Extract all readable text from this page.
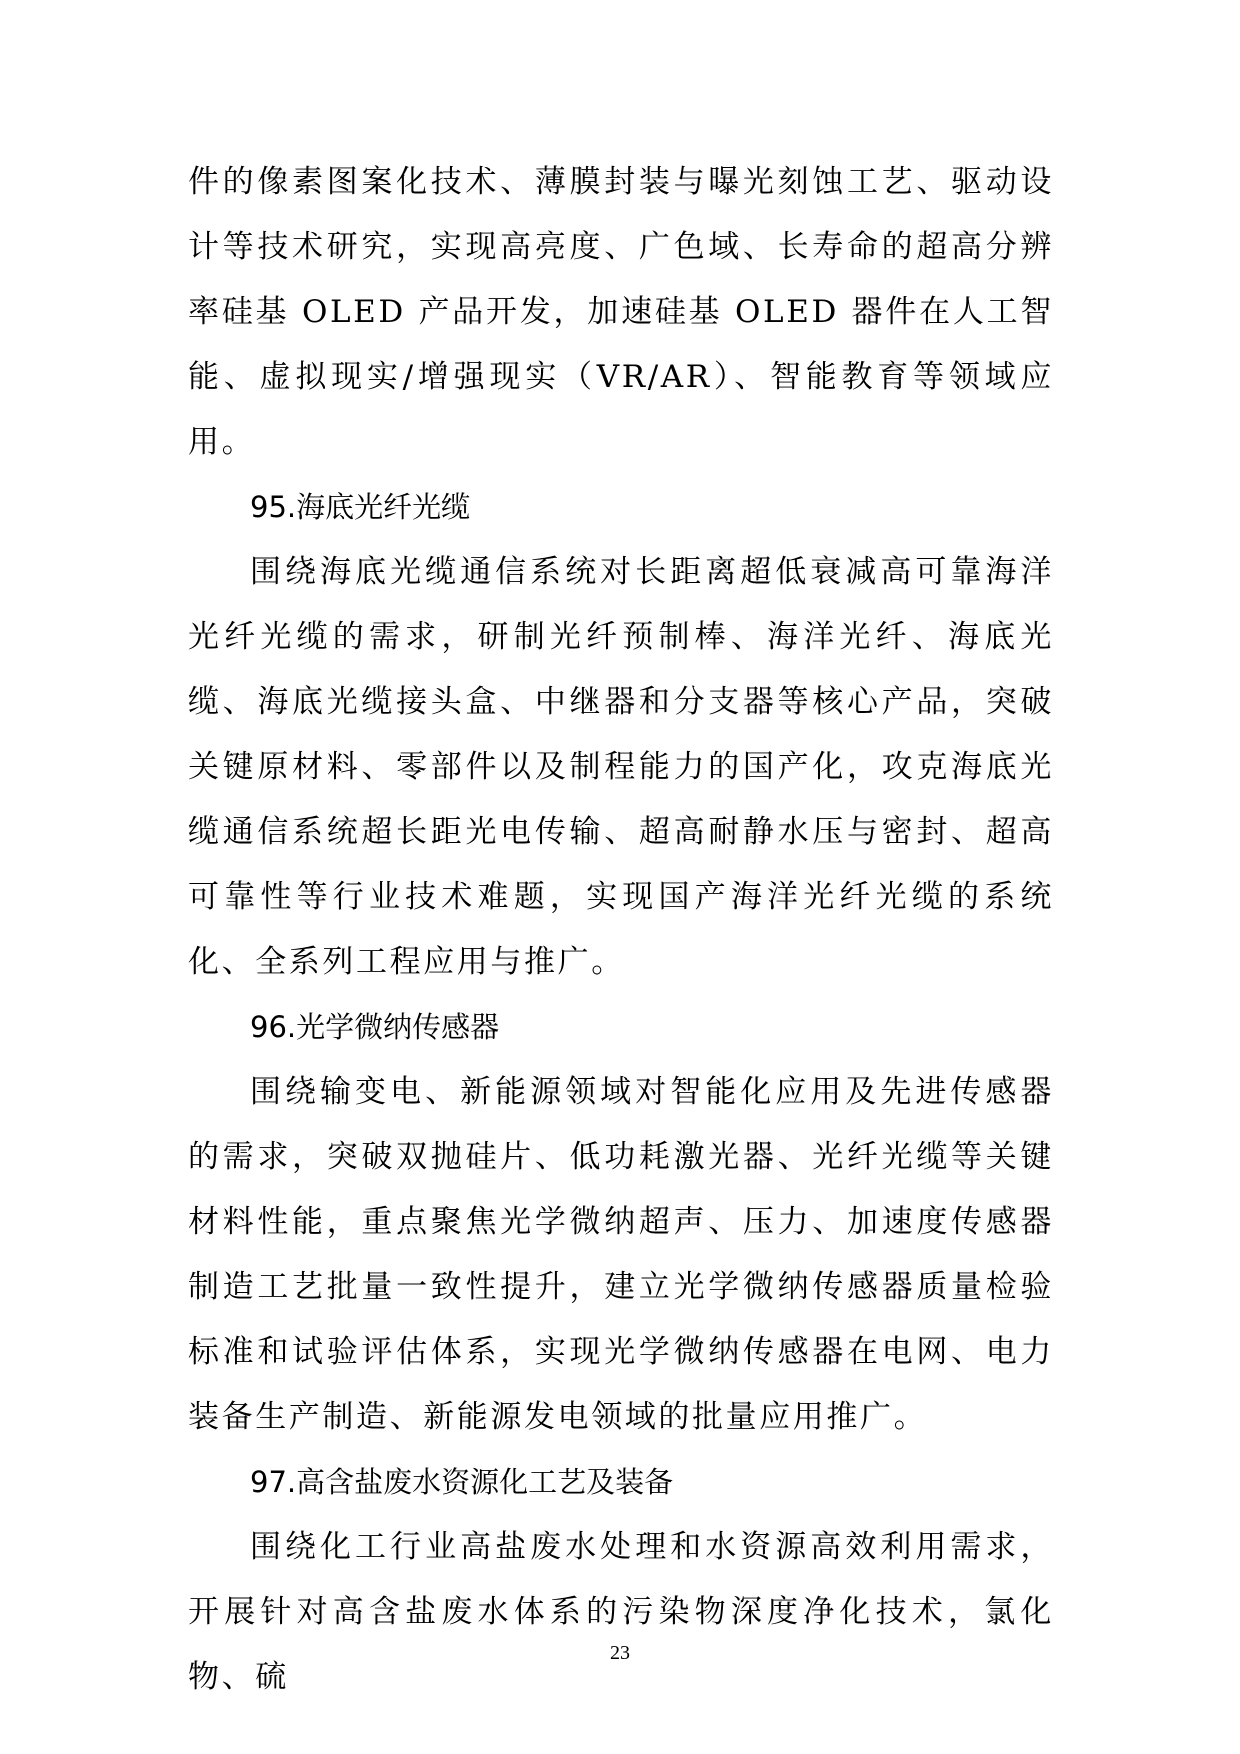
件的像素图案化技术、薄膜封装与曝光刻蚀工艺、驱动设计等技术研究，实现高亮度、广色域、长寿命的超高分辨率硅基 OLED 产品开发，加速硅基 OLED 器件在人工智能、虚拟现实/增强现实（VR/AR）、智能教育等领域应用。

95.海底光纤光缆

围绕海底光缆通信系统对长距离超低衰减高可靠海洋光纤光缆的需求，研制光纤预制棒、海洋光纤、海底光缆、海底光缆接头盒、中继器和分支器等核心产品，突破关键原材料、零部件以及制程能力的国产化，攻克海底光缆通信系统超长距光电传输、超高耐静水压与密封、超高可靠性等行业技术难题，实现国产海洋光纤光缆的系统化、全系列工程应用与推广。

96.光学微纳传感器

围绕输变电、新能源领域对智能化应用及先进传感器的需求，突破双抛硅片、低功耗激光器、光纤光缆等关键材料性能，重点聚焦光学微纳超声、压力、加速度传感器制造工艺批量一致性提升，建立光学微纳传感器质量检验标准和试验评估体系，实现光学微纳传感器在电网、电力装备生产制造、新能源发电领域的批量应用推广。

97.高含盐废水资源化工艺及装备

围绕化工行业高盐废水处理和水资源高效利用需求，开展针对高含盐废水体系的污染物深度净化技术，氯化物、硫

23
